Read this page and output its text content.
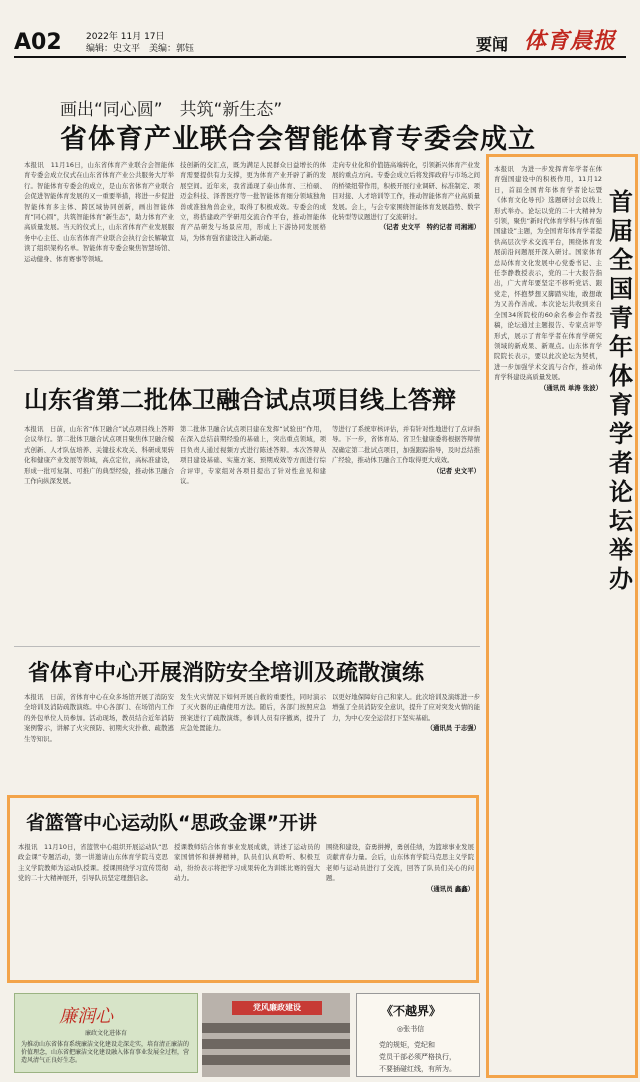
A02	2022年 11月 17日
编辑：史文平　美编：郭钰	要闻 体育晨报
画出“同心圆”　共筑“新生态”
省体育产业联合会智能体育专委会成立
本报讯　11月16日，山东省体育产业联合会智能体育专委会成立仪式在山东省体育产业公共服务大厅举行。智能体育专委会的成立，是山东省体育产业联合会促进智能体育发展的又一重要举措，将进一步促进智能体育多主体、跨区域协同创新，画出智能体育“同心圆”，共筑智能体育“新生态”，助力体育产业高质量发展。当天的仪式上，山东省体育产业发展服务中心主任、山东省体育产业联合会执行会长解敏宣读了组织架构名单。智能体育专委会聚焦智慧场馆、运动健身、体育赛事等领域。
技创新的交汇点，既为满足人民群众日益增长的体育需要提供有力支撑，更为体育产业开辟了新的发展空间。近年来，我省涌现了泰山体育、三柏硕、迈金科技、泽普医疗等一批智能体育细分领域独角兽或准独角兽企业，取得了积极成效。专委会的成立，将搭建政产学研用交流合作平台，推动智能体育产品研发与场景应用，形成上下游协同发展格局，为体育强省建设注入新动能。
走向专业化和价值链高端转化，引领新兴体育产业发展的重点方向。专委会成立后将发挥政府与市场之间的桥梁纽带作用，积极开展行业调研、标准制定、项目对接、人才培训等工作，推动智能体育产业高质量发展。会上，与会专家围绕智能体育发展趋势、数字化转型等议题进行了交流研讨。
（记者 史文平　特约记者 司湘湘）
山东省第二批体卫融合试点项目线上答辩
本报讯　日前，山东省“体卫融合”试点项目线上答辩会议举行。第二批体卫融合试点项目聚焦体卫融合模式创新、人才队伍培养、关键技术攻关、科研成果转化和健康产业发展等领域，高点定位，高标准建设，形成一批可复制、可推广的典型经验，推动体卫融合工作向纵深发展。
第二批体卫融合试点项目建在发挥“试验田”作用，在深入总结前期经验的基础上，突出重点领域，项目负责人通过视频方式进行陈述答辩。本次答辩从项目建设基础、实施方案、预期成效等方面进行综合评审，专家组对各项目提出了针对性意见和建议。
等进行了系统审核评估，并有针对性地进行了点评指导。下一步，省体育局、省卫生健康委将根据答辩情况确定第二批试点项目，加强跟踪指导，及时总结推广经验，推动体卫融合工作取得更大成效。
（记者 史文平）
省体育中心开展消防安全培训及疏散演练
本报讯　日前，省体育中心在众多场馆开展了消防安全培训及消防疏散演练。中心各部门、在场馆内工作的外包单位人员参加。活动现场，教员结合近年消防案例警示，讲解了火灾预防、初期火灾扑救、疏散逃生等知识。
发生火灾情况下如何开展自救的重要性，同时演示了灭火器的正确使用方法。随后，各部门按照应急预案进行了疏散演练，参训人员有序撤离，提升了应急处置能力。
以更好地保障好自己和家人。此次培训及演练进一步增强了全员消防安全意识，提升了应对突发火情的能力，为中心安全运营打下坚实基础。
（通讯员 于志强）
省篮管中心运动队“思政金课”开讲
本报讯　11月10日，省篮管中心组织开展运动队“思政金课”专题活动，第一讲邀请山东体育学院马克思主义学院教师为运动队授课。授课围绕学习宣传贯彻党的二十大精神展开，引导队员坚定理想信念。
授课教师结合体育事业发展成就，讲述了运动员的家国情怀和拼搏精神，队员们认真聆听、积极互动，纷纷表示将把学习成果转化为训练比赛的强大动力。
围绕和建设，奋勇拼搏，勇创佳绩，为篮球事业发展贡献青春力量。会后，山东体育学院马克思主义学院老师与运动员进行了交流，回答了队员们关心的问题。
（通讯员 鑫鑫）
首届全国青年体育学者论坛举办
本报讯　为进一步发挥青年学者在体育强国建设中的积极作用，11月12日，首届全国青年体育学者论坛暨《体育文化导刊》选题研讨会以线上形式举办。论坛以党的二十大精神为引领，聚焦“新时代体育学科与体育强国建设”主题，为全国青年体育学者提供高层次学术交流平台，围绕体育发展前沿问题展开深入研讨。国家体育总局体育文化发展中心党委书记、主任李静教授表示，党的二十大报告指出，广大青年要坚定不移听党话、跟党走，怀抱梦想又脚踏实地，敢想敢为又善作善成。本次论坛共收到来自全国34所院校的60余名参会作者投稿，论坛通过主题报告、专家点评等形式，展示了青年学者在体育学研究领域的新成果、新观点。山东体育学院院长表示，要以此次论坛为契机，进一步加强学术交流与合作，推动体育学科建设高质量发展。
（通讯员 单涛 张波）
廉润心
廉政文化进体育
为推动山东省体育系统廉洁文化建设走深走实，培育清正廉洁的价值理念，山东省把廉洁文化建设融入体育事业发展全过程，营造风清气正良好生态。
党风廉政建设	《不越界》
◎张书信
党的规矩，党纪和
党员干部必须严格执行，
不要插碰红线，有所为。
